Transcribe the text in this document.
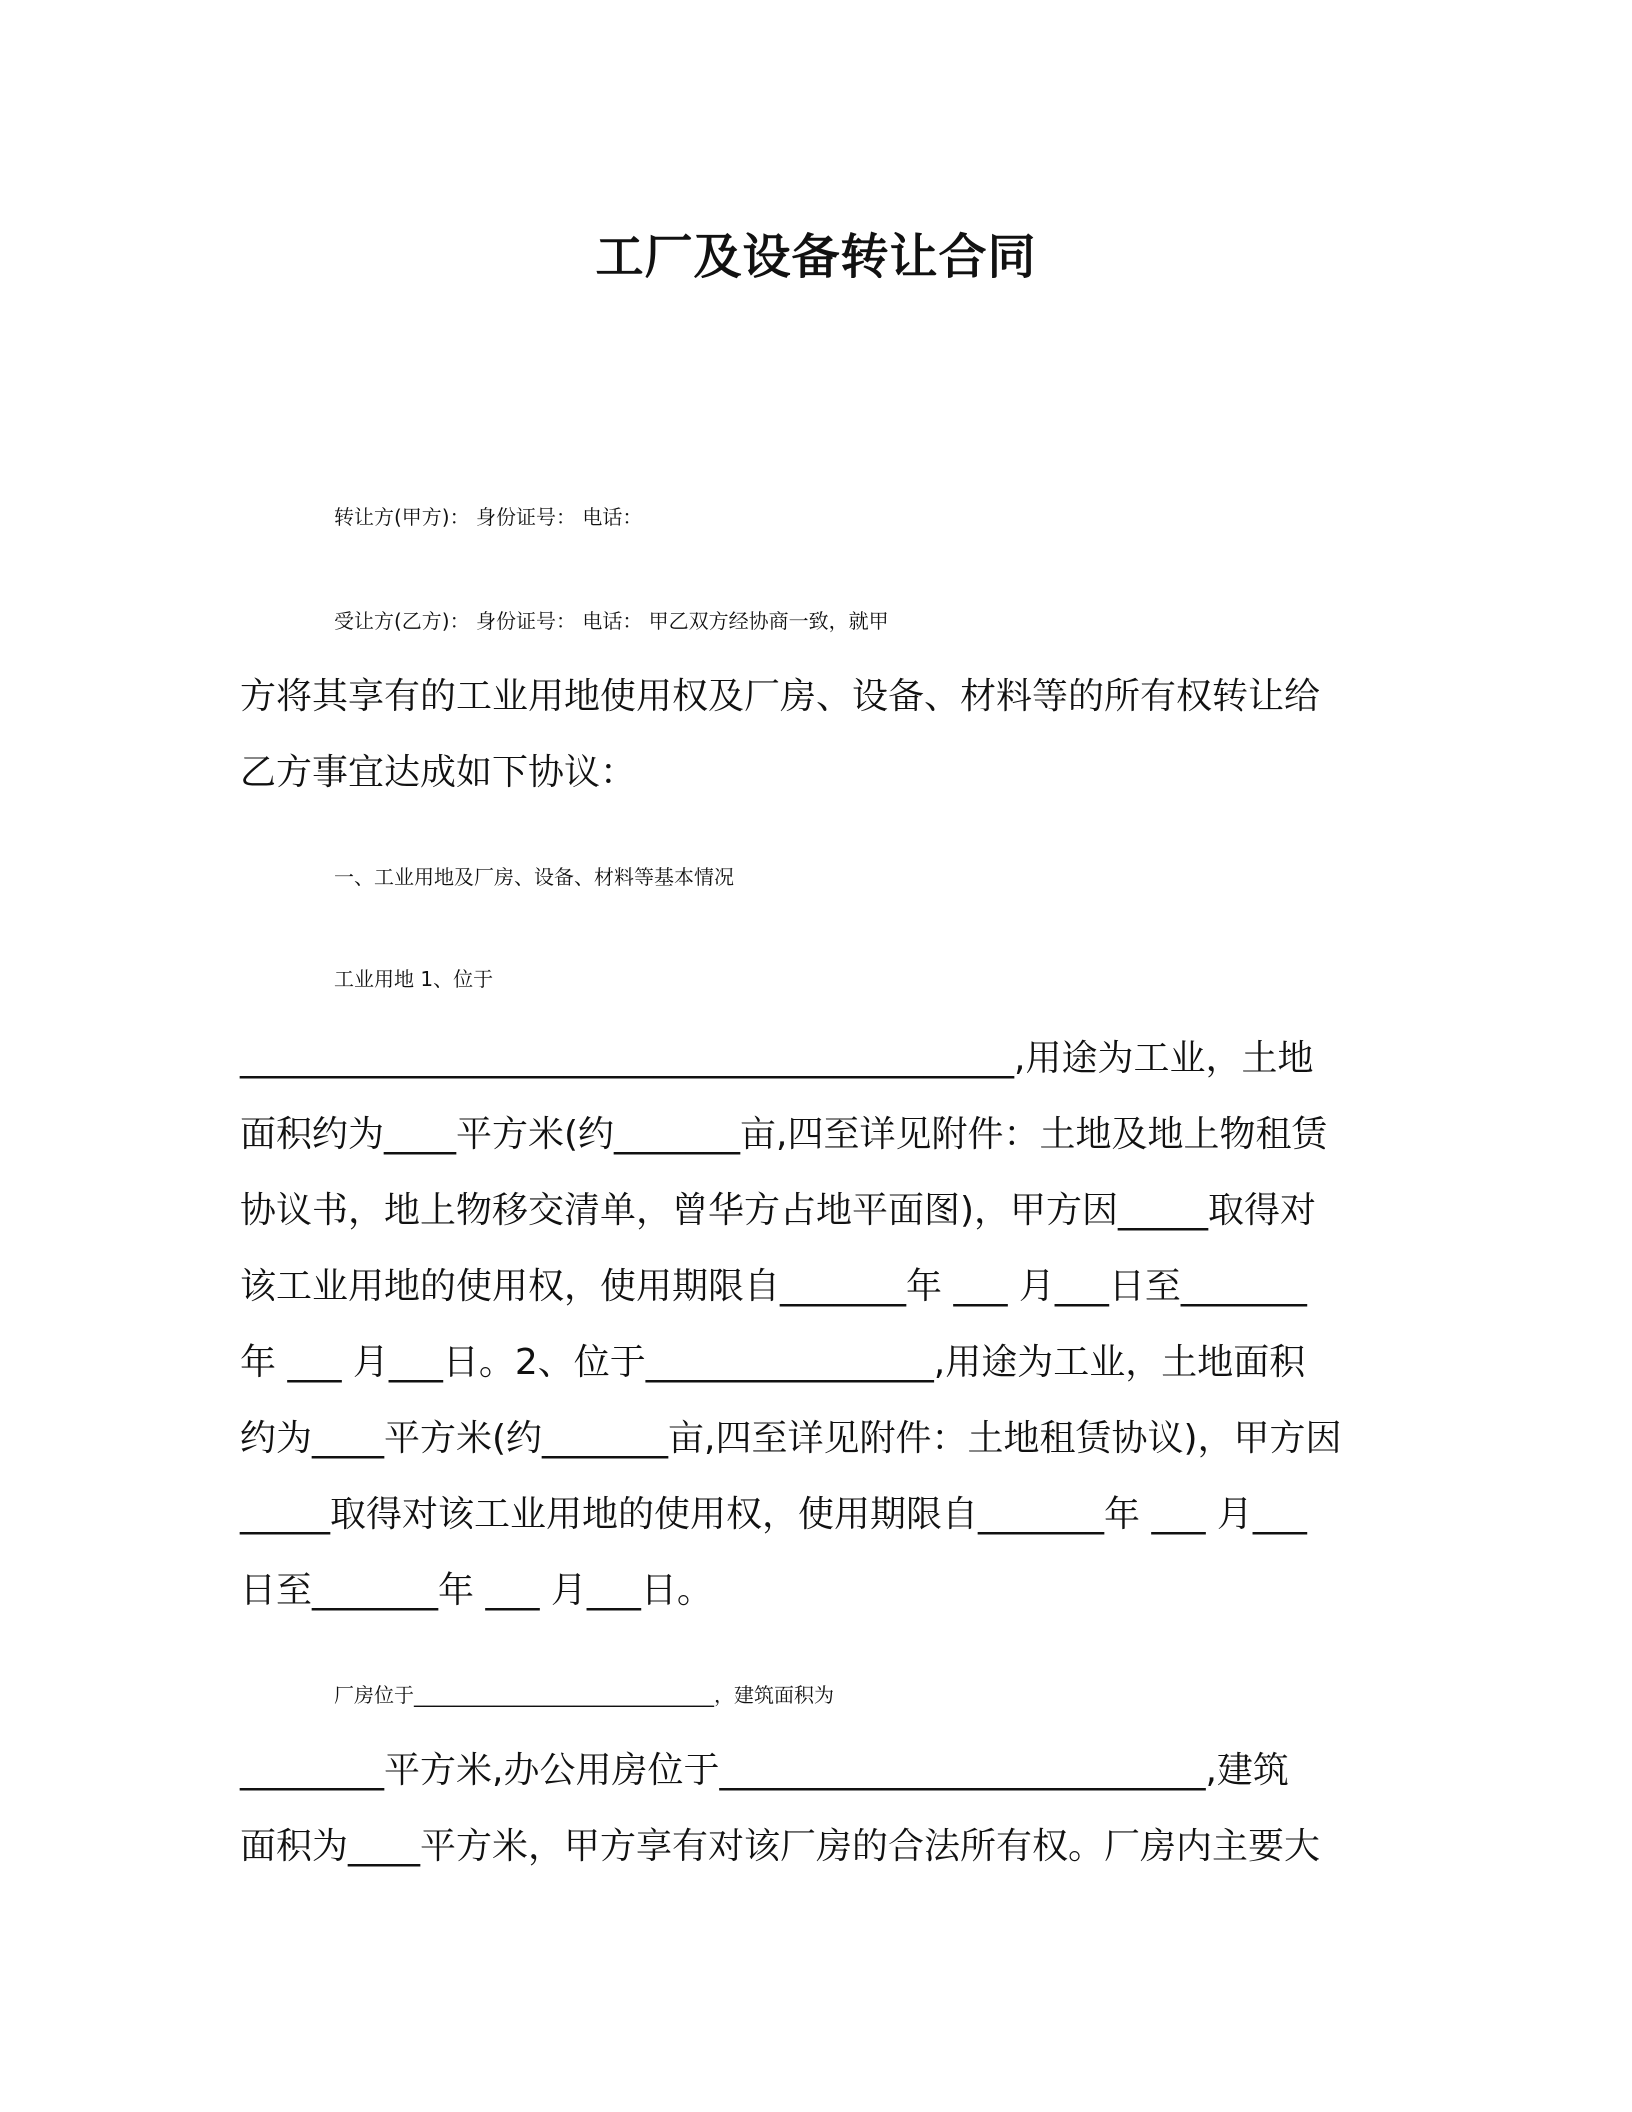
工厂及设备转让合同

转让方(甲方)： 身份证号： 电话：

受让方(乙方)： 身份证号： 电话： 甲乙双方经协商一致，就甲

方将其享有的工业用地使用权及厂房、设备、材料等的所有权转让给

乙方事宜达成如下协议：

一、工业用地及厂房、设备、材料等基本情况

工业用地 1、位于

___________________________________________,用途为工业，土地

面积约为____平方米(约_______亩,四至详见附件：土地及地上物租赁

协议书，地上物移交清单，曾华方占地平面图)，甲方因_____取得对

该工业用地的使用权，使用期限自_______年 ___ 月___日至_______

年 ___ 月___日。2、位于________________,用途为工业，土地面积

约为____平方米(约_______亩,四至详见附件：土地租赁协议)，甲方因

_____取得对该工业用地的使用权，使用期限自_______年 ___ 月___

日至_______年 ___ 月___日。

厂房位于______________________________，建筑面积为

________平方米,办公用房位于___________________________,建筑

面积为____平方米，甲方享有对该厂房的合法所有权。厂房内主要大
